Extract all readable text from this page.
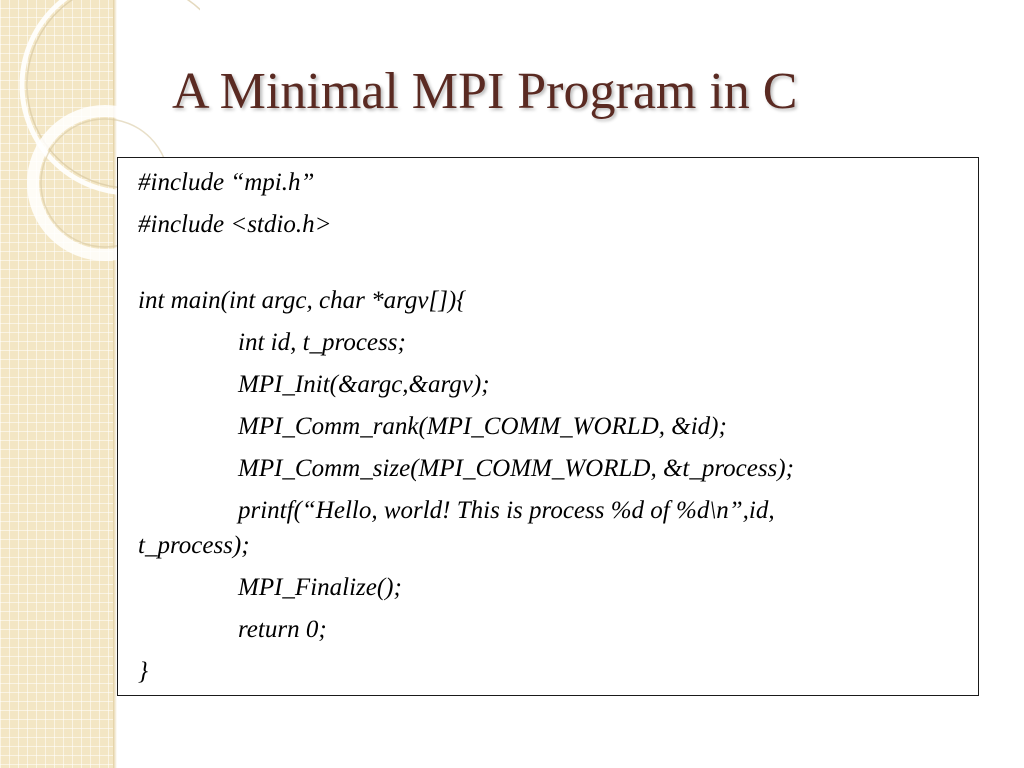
A Minimal MPI Program in C
#include “mpi.h”
#include <stdio.h>
int main(int argc, char *argv[]){
int id, t_process;
MPI_Init(&argc,&argv);
MPI_Comm_rank(MPI_COMM_WORLD, &id);
MPI_Comm_size(MPI_COMM_WORLD, &t_process);
printf(“Hello, world! This is process %d of %d\n”,id,
t_process);
MPI_Finalize();
return 0;
}
